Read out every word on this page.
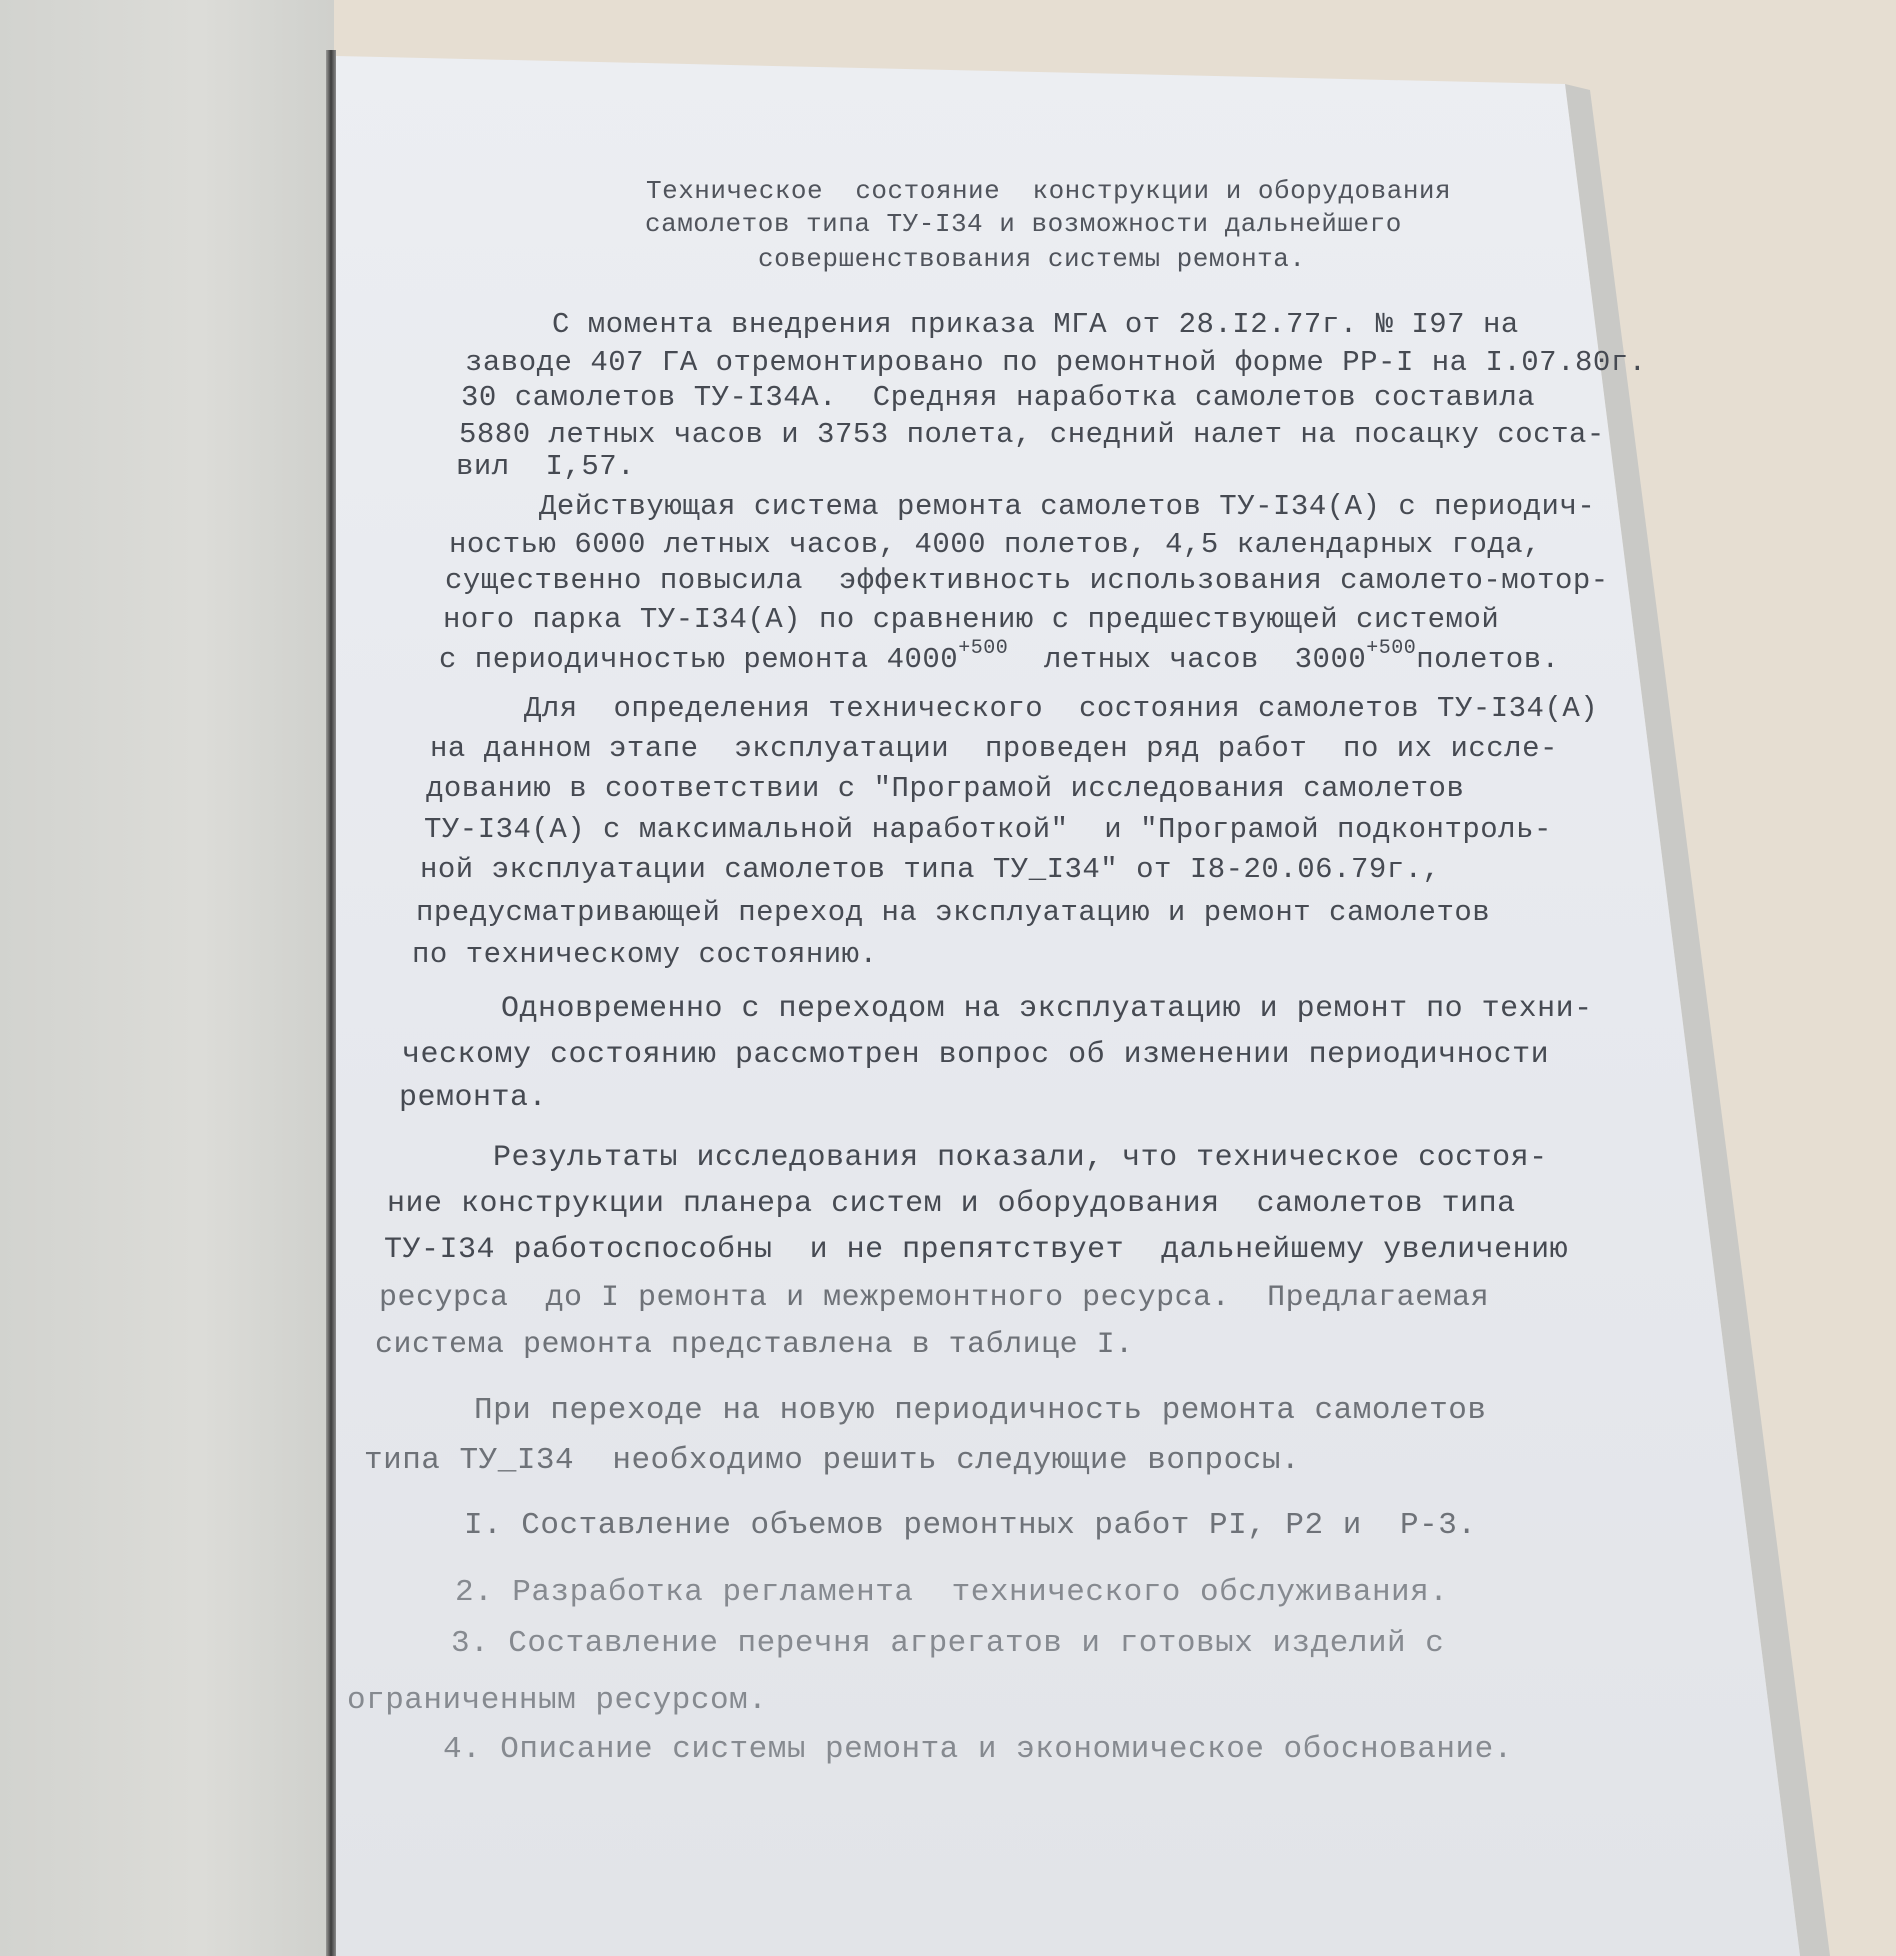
Техническое  состояние  конструкции и оборудования
самолетов типа ТУ-I34 и возможности дальнейшего
совершенствования системы ремонта.
С момента внедрения приказа МГА от 28.I2.77г. № I97 на
заводе 407 ГА отремонтировано по ремонтной форме РР-I на I.07.80г.
30 самолетов ТУ-I34А.  Средняя наработка самолетов составила
5880 летных часов и 3753 полета, снедний налет на посацку соста-
вил  I,57.
Действующая система ремонта самолетов ТУ-I34(А) с периодич-
ностью 6000 летных часов, 4000 полетов, 4,5 календарных года,
существенно повысила  эффективность использования самолето-мотор-
ного парка ТУ-I34(А) по сравнению с предшествующей системой
с периодичностью ремонта $4000^{+500}$  летных часов  $3000^{+500}полетов$.
Для  определения технического  состояния самолетов ТУ-I34(А)
на данном этапе  эксплуатации  проведен ряд работ  по их иссле-
дованию в соответствии с "Програмой исследования самолетов
ТУ-I34(А) с максимальной наработкой"  и "Програмой подконтроль-
ной эксплуатации самолетов типа ТУ_I34" от I8-20.06.79г.,
предусматривающей переход на эксплуатацию и ремонт самолетов
по техническому состоянию.
Одновременно с переходом на эксплуатацию и ремонт по техни-
ческому состоянию рассмотрен вопрос об изменении периодичности
ремонта.
Результаты исследования показали, что техническое состоя-
ние конструкции планера систем и оборудования  самолетов типа
ТУ-I34 работоспособны  и не препятствует  дальнейшему увеличению
ресурса  до I ремонта и межремонтного ресурса.  Предлагаемая
система ремонта представлена в таблице I.
При переходе на новую периодичность ремонта самолетов
типа ТУ_I34  необходимо решить следующие вопросы.
I. Составление объемов ремонтных работ PI, P2 и  Р-3.
2. Разработка регламента  технического обслуживания.
3. Составление перечня агрегатов и готовых изделий с
ограниченным ресурсом.
4. Описание системы ремонта и экономическое обоснование.
